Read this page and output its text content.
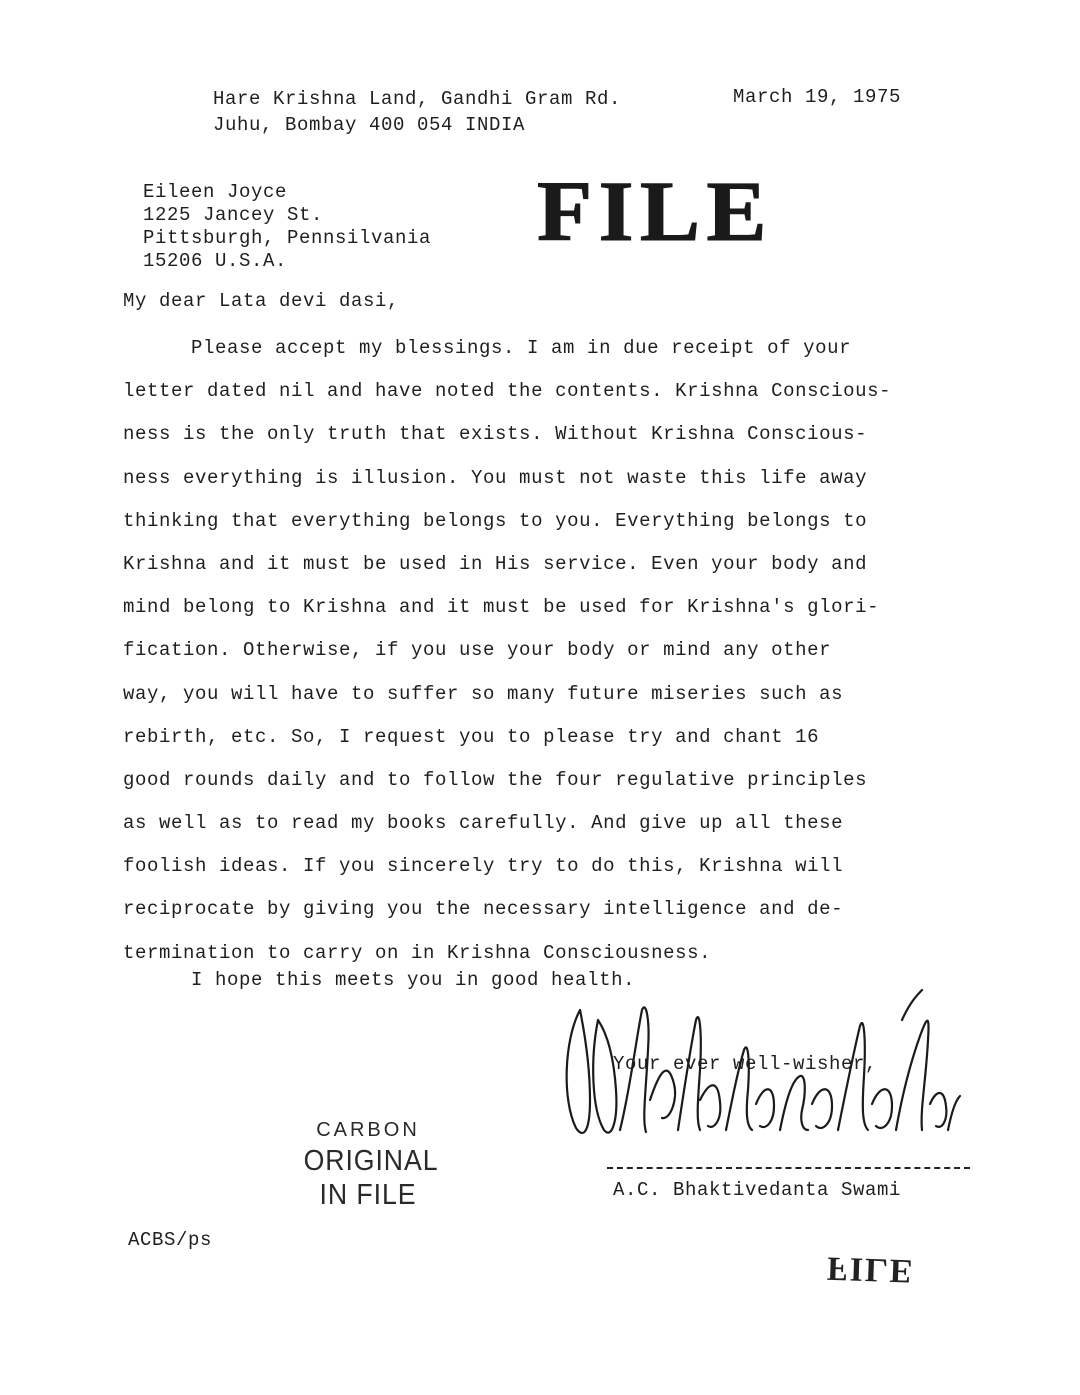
Hare Krishna Land, Gandhi Gram Rd.
Juhu, Bombay 400 054 INDIA
March 19, 1975
Eileen Joyce
1225 Jancey St.
Pittsburgh, Pennsilvania
15206 U.S.A.
FILE
My dear Lata devi dasi,
Please accept my blessings. I am in due receipt of your
letter dated nil and have noted the contents. Krishna Conscious-
ness is the only truth that exists. Without Krishna Conscious-
ness everything is illusion. You must not waste this life away
thinking that everything belongs to you. Everything belongs to
Krishna and it must be used in His service. Even your body and
mind belong to Krishna and it must be used for Krishna's glori-
fication. Otherwise, if you use your body or mind any other
way, you will have to suffer so many future miseries such as
rebirth, etc. So, I request you to please try and chant 16
good rounds daily and to follow the four regulative principles
as well as to read my books carefully. And give up all these
foolish ideas. If you sincerely try to do this, Krishna will
reciprocate by giving you the necessary intelligence and de-
termination to carry on in Krishna Consciousness.
I hope this meets you in good health.
Your ever well-wisher,
A.C. Bhaktivedanta Swami
CARBON
ORIGINAL
IN FILE
ACBS/ps
FILE
